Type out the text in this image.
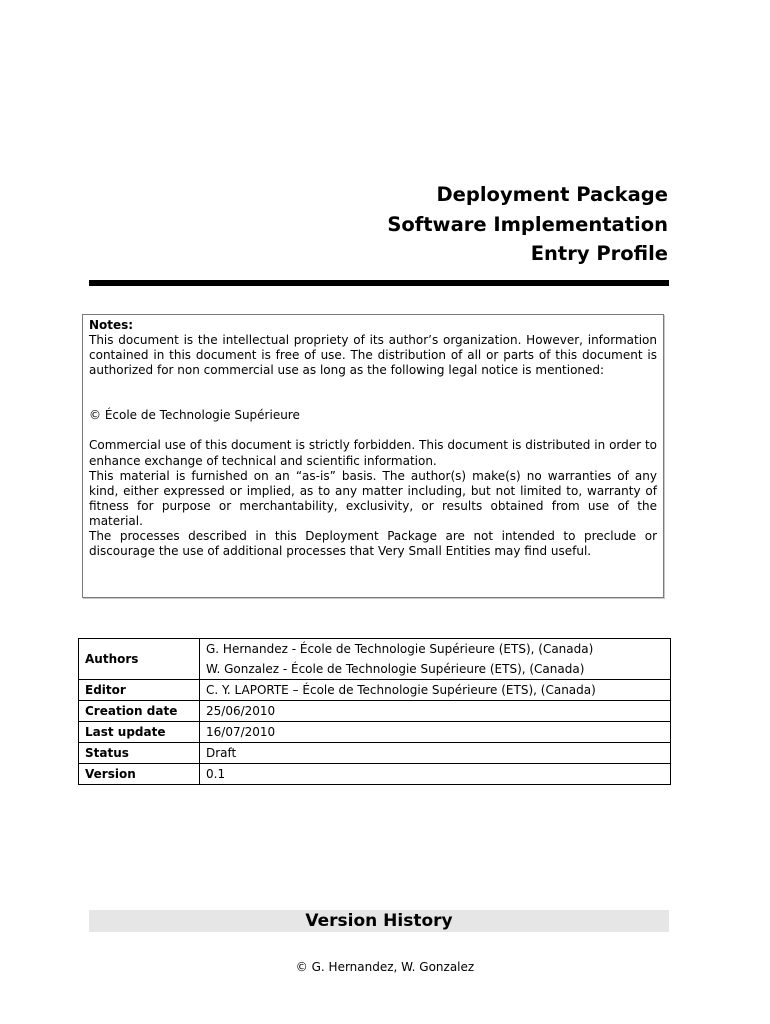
Deployment Package
Software Implementation
Entry Profile
Notes:

This document is the intellectual propriety of its author’s organization. However, information contained in this document is free of use. The distribution of all or parts of this document is authorized for non commercial use as long as the following legal notice is mentioned:

© École de Technologie Supérieure

Commercial use of this document is strictly forbidden. This document is distributed in order to enhance exchange of technical and scientific information.

This material is furnished on an “as-is” basis. The author(s) make(s) no warranties of any kind, either expressed or implied, as to any matter including, but not limited to, warranty of fitness for purpose or merchantability, exclusivity, or results obtained from use of the material.

The processes described in this Deployment Package are not intended to preclude or discourage the use of additional processes that Very Small Entities may find useful.

Authors	G. Hernandez - École de Technologie Supérieure (ETS), (Canada)
W. Gonzalez - École de Technologie Supérieure (ETS), (Canada)

Editor	C. Y. LAPORTE – École de Technologie Supérieure (ETS), (Canada)
Creation date	25/06/2010
Last update	16/07/2010
Status	Draft
Version	0.1
Version History
© G. Hernandez, W. Gonzalez
